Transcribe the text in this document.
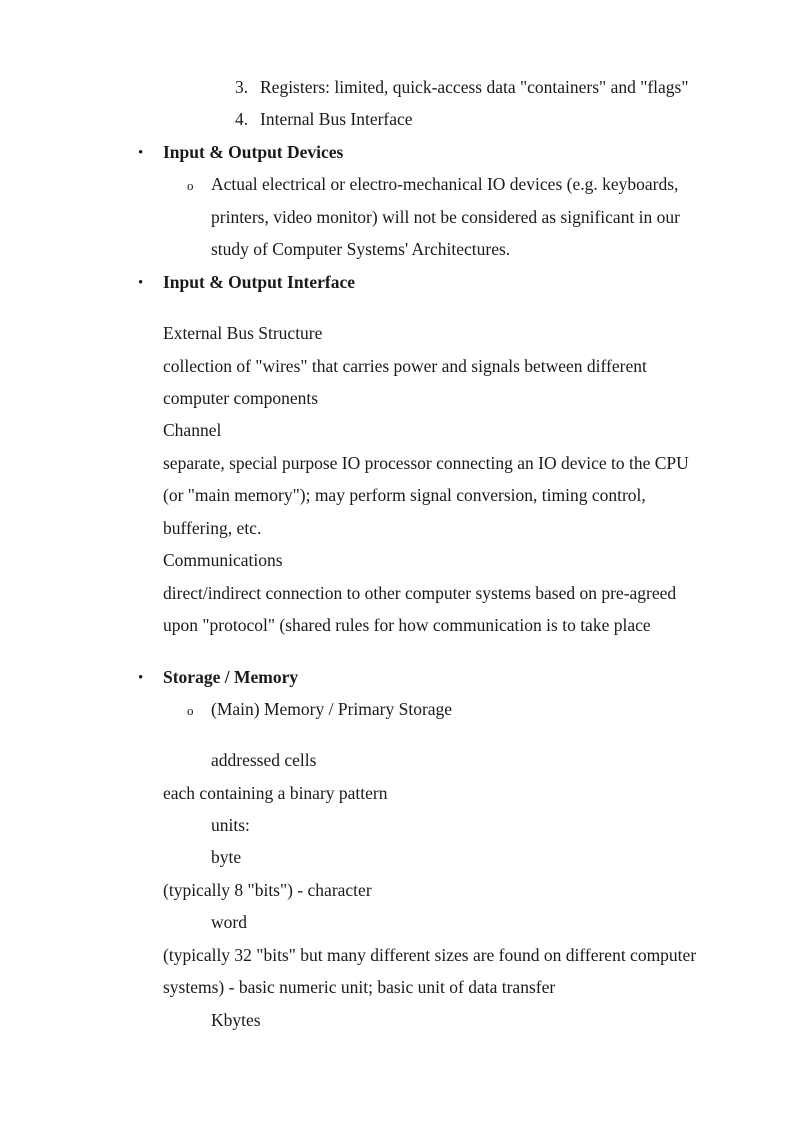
3. Registers: limited, quick-access data "containers" and "flags"
4. Internal Bus Interface
• Input & Output Devices
o Actual electrical or electro-mechanical IO devices (e.g. keyboards,
printers, video monitor) will not be considered as significant in our
study of Computer Systems' Architectures.
• Input & Output Interface
External Bus Structure
collection of "wires" that carries power and signals between different
computer components
Channel
separate, special purpose IO processor connecting an IO device to the CPU
(or "main memory"); may perform signal conversion, timing control,
buffering, etc.
Communications
direct/indirect connection to other computer systems based on pre-agreed
upon "protocol" (shared rules for how communication is to take place
• Storage / Memory
o (Main) Memory / Primary Storage
addressed cells
each containing a binary pattern
units:
byte
(typically 8 "bits") - character
word
(typically 32 "bits" but many different sizes are found on different computer
systems) - basic numeric unit; basic unit of data transfer
Kbytes
